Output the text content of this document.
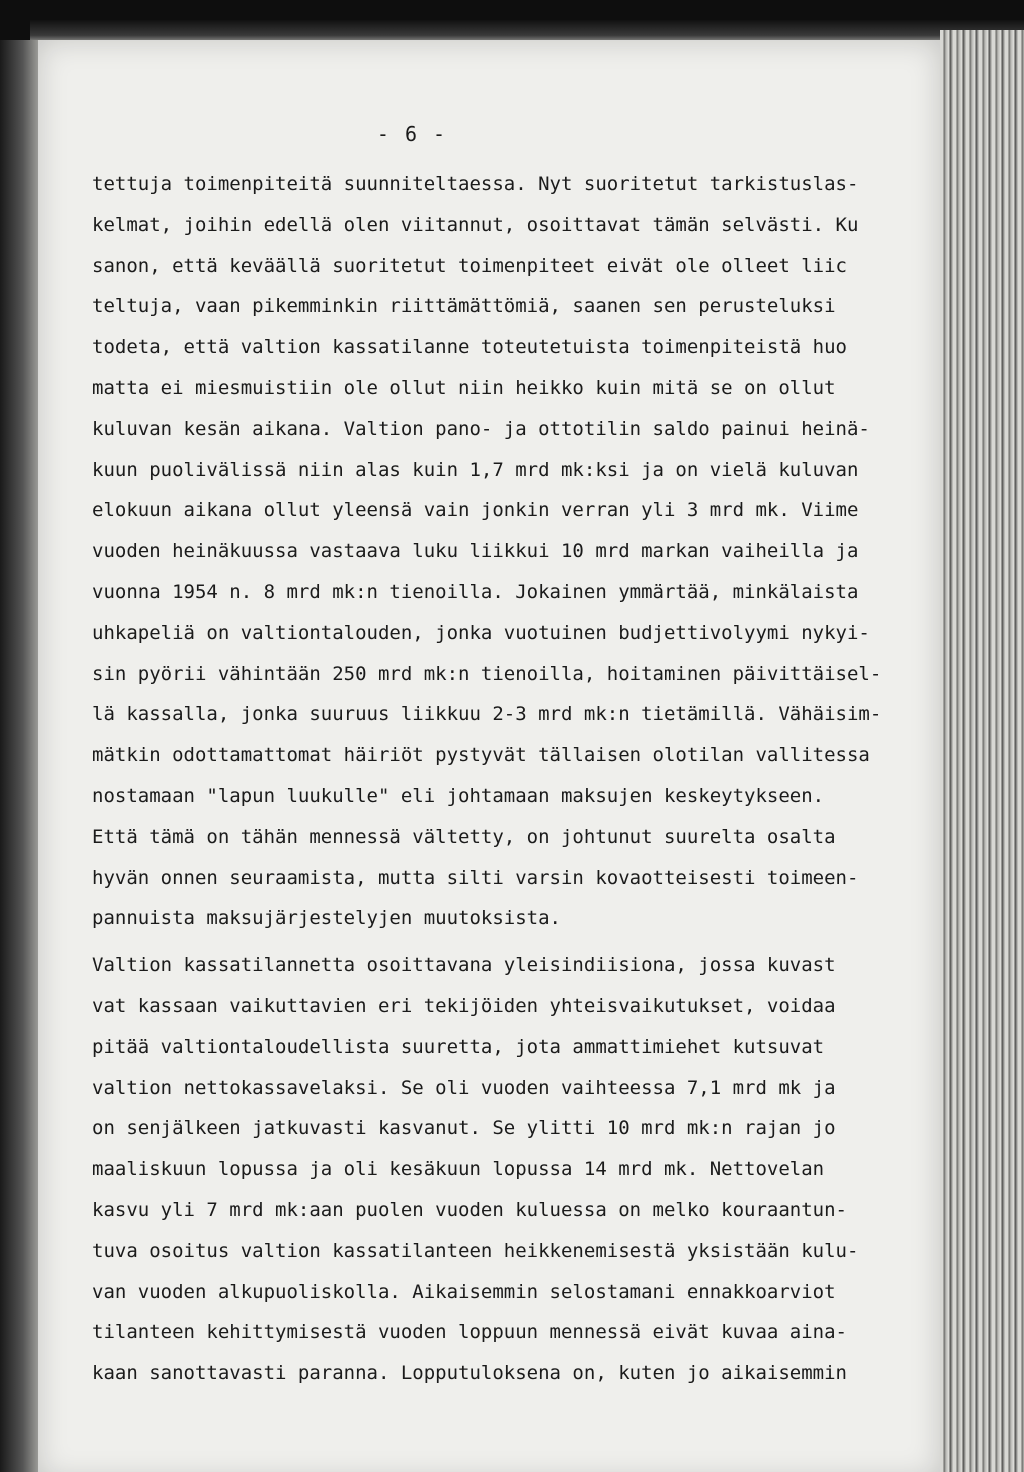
- 6 -
tettuja toimenpiteitä suunniteltaessa. Nyt suoritetut tarkistuslas-
kelmat, joihin edellä olen viitannut, osoittavat tämän selvästi. Ku
sanon, että keväällä suoritetut toimenpiteet eivät ole olleet liic
teltuja, vaan pikemminkin riittämättömiä, saanen sen perusteluksi
todeta, että valtion kassatilanne toteutetuista toimenpiteistä huo
matta ei miesmuistiin ole ollut niin heikko kuin mitä se on ollut
kuluvan kesän aikana. Valtion pano- ja ottotilin saldo painui heinä-
kuun puolivälissä niin alas kuin 1,7 mrd mk:ksi ja on vielä kuluvan
elokuun aikana ollut yleensä vain jonkin verran yli 3 mrd mk. Viime
vuoden heinäkuussa vastaava luku liikkui 10 mrd markan vaiheilla ja
vuonna 1954 n. 8 mrd mk:n tienoilla. Jokainen ymmärtää, minkälaista
uhkapeliä on valtiontalouden, jonka vuotuinen budjettivolyymi nykyi-
sin pyörii vähintään 250 mrd mk:n tienoilla, hoitaminen päivittäisel-
lä kassalla, jonka suuruus liikkuu 2-3 mrd mk:n tietämillä. Vähäisim-
mätkin odottamattomat häiriöt pystyvät tällaisen olotilan vallitessa
nostamaan "lapun luukulle" eli johtamaan maksujen keskeytykseen.
Että tämä on tähän mennessä vältetty, on johtunut suurelta osalta
hyvän onnen seuraamista, mutta silti varsin kovaotteisesti toimeen-
pannuista maksujärjestelyjen muutoksista.
Valtion kassatilannetta osoittavana yleisindiisiona, jossa kuvast
vat kassaan vaikuttavien eri tekijöiden yhteisvaikutukset, voidaa
pitää valtiontaloudellista suuretta, jota ammattimiehet kutsuvat
valtion nettokassavelaksi. Se oli vuoden vaihteessa 7,1 mrd mk ja
on senjälkeen jatkuvasti kasvanut. Se ylitti 10 mrd mk:n rajan jo
maaliskuun lopussa ja oli kesäkuun lopussa 14 mrd mk. Nettovelan
kasvu yli 7 mrd mk:aan puolen vuoden kuluessa on melko kouraantun-
tuva osoitus valtion kassatilanteen heikkenemisestä yksistään kulu-
van vuoden alkupuoliskolla. Aikaisemmin selostamani ennakkoarviot
tilanteen kehittymisestä vuoden loppuun mennessä eivät kuvaa aina-
kaan sanottavasti paranna. Lopputuloksena on, kuten jo aikaisemmin
